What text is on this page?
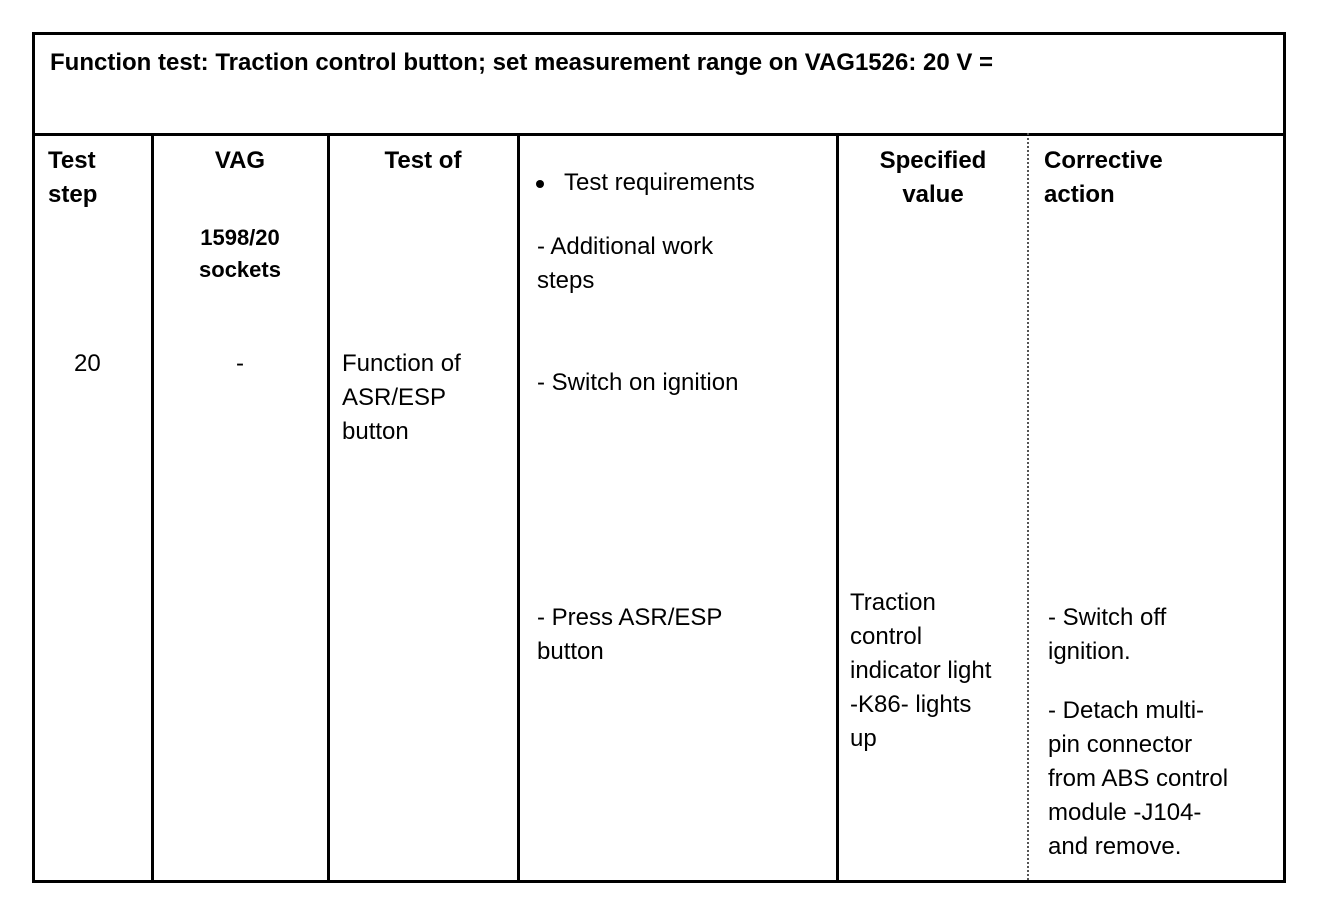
Function test: Traction control button; set measurement range on VAG1526: 20 V =
Test
step
VAG
1598/20
sockets
Test of
Test requirements
- Additional work
steps
Specified
value
Corrective
action
20	-	Function of
ASR/ESP
button
- Switch on ignition
- Press ASR/ESP
button
Traction
control
indicator light
-K86- lights
up
- Switch off
ignition.
- Detach multi-
pin connector
from ABS control
module -J104-
and remove.
